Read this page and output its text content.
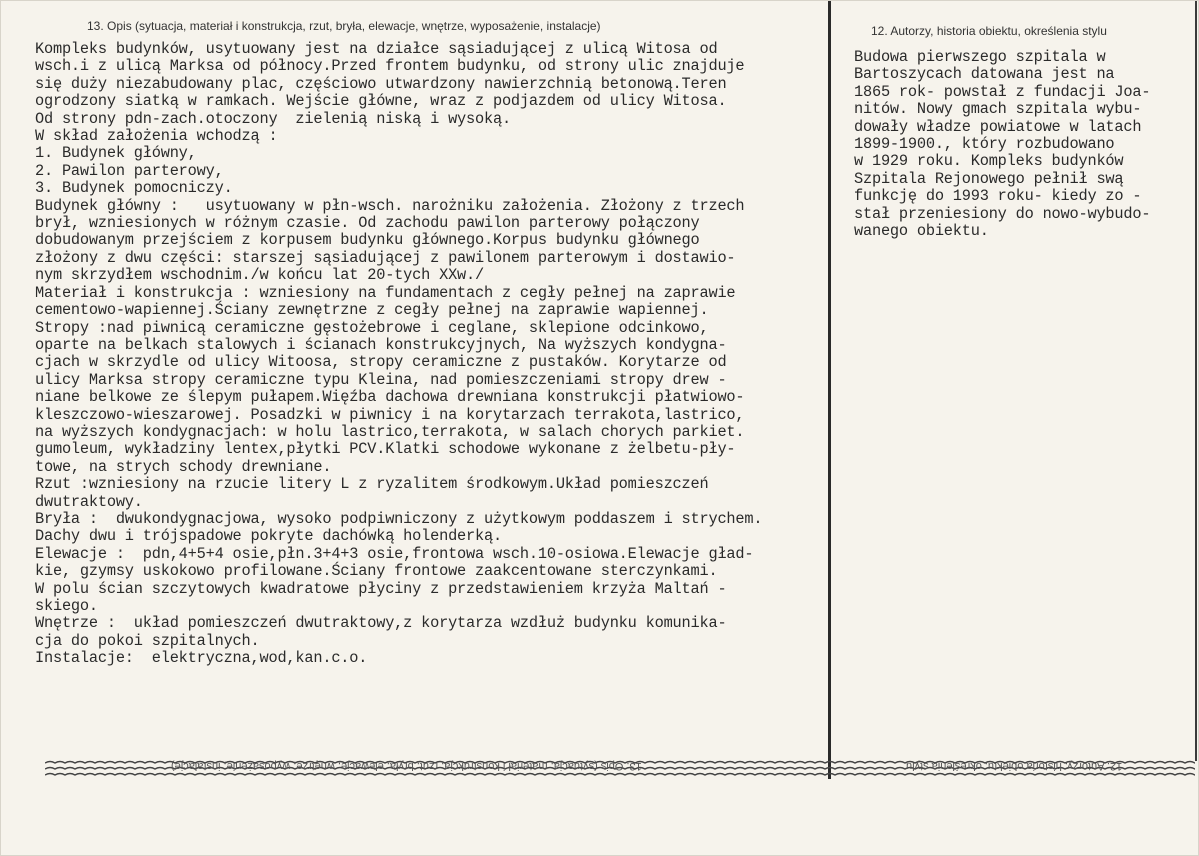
13. Opis (sytuacja, materiał i konstrukcja, rzut, bryła, elewacje, wnętrze, wyposażenie, instalacje)	12. Autorzy, historia obiektu, określenia stylu
Kompleks budynków, usytuowany jest na działce sąsiadującej z ulicą Witosa od
wsch.i z ulicą Marksa od północy.Przed frontem budynku, od strony ulic znajduje
się duży niezabudowany plac, częściowo utwardzony nawierzchnią betonową.Teren
ogrodzony siatką w ramkach. Wejście główne, wraz z podjazdem od ulicy Witosa.
Od strony pdn-zach.otoczony  zielenią niską i wysoką.
W skład założenia wchodzą :
1. Budynek główny,
2. Pawilon parterowy,
3. Budynek pomocniczy.
Budynek główny :   usytuowany w płn-wsch. narożniku założenia. Złożony z trzech
brył, wzniesionych w różnym czasie. Od zachodu pawilon parterowy połączony
dobudowanym przejściem z korpusem budynku głównego.Korpus budynku głównego
złożony z dwu części: starszej sąsiadującej z pawilonem parterowym i dostawio-
nym skrzydłem wschodnim./w końcu lat 20-tych XXw./
Materiał i konstrukcja : wzniesiony na fundamentach z cegły pełnej na zaprawie
cementowo-wapiennej.Ściany zewnętrzne z cegły pełnej na zaprawie wapiennej.
Stropy :nad piwnicą ceramiczne gęstożebrowe i ceglane, sklepione odcinkowo,
oparte na belkach stalowych i ścianach konstrukcyjnych, Na wyższych kondygna-
cjach w skrzydle od ulicy Witoosa, stropy ceramiczne z pustaków. Korytarze od
ulicy Marksa stropy ceramiczne typu Kleina, nad pomieszczeniami stropy drew -
niane belkowe ze ślepym pułapem.Więźba dachowa drewniana konstrukcji płatwiowo-
kleszczowo-wieszarowej. Posadzki w piwnicy i na korytarzach terrakota,lastrico,
na wyższych kondygnacjach: w holu lastrico,terrakota, w salach chorych parkiet.
gumoleum, wykładziny lentex,płytki PCV.Klatki schodowe wykonane z żelbetu-pły-
towe, na strych schody drewniane.
Rzut :wzniesiony na rzucie litery L z ryzalitem środkowym.Układ pomieszczeń
dwutraktowy.
Bryła :  dwukondygnacjowa, wysoko podpiwniczony z użytkowym poddaszem i strychem.
Dachy dwu i trójspadowe pokryte dachówką holenderką.
Elewacje :  pdn,4+5+4 osie,płn.3+4+3 osie,frontowa wsch.10-osiowa.Elewacje gład-
kie, gzymsy uskokowo profilowane.Ściany frontowe zaakcentowane sterczynkami.
W polu ścian szczytowych kwadratowe płyciny z przedstawieniem krzyża Maltań -
skiego.
Wnętrze :  układ pomieszczeń dwutraktowy,z korytarza wzdłuż budynku komunika-
cja do pokoi szpitalnych.
Instalacje:  elektryczna,wod,kan.c.o.
Budowa pierwszego szpitala w
Bartoszycach datowana jest na
1865 rok- powstał z fundacji Joa-
nitów. Nowy gmach szpitala wybu-
dowały władze powiatowe w latach
1899-1900., który rozbudowano
w 1929 roku. Kompleks budynków
Szpitala Rejonowego pełnił swą
funkcję do 1993 roku- kiedy zo -
stał przeniesiony do nowo-wybudo-
wanego obiektu.
13. Opis (sytuacja, materiał i konstrukcja, rzut, bryła, elewacje, wnętrze, wyposażenie, instalacje)	12. Autorzy, historia obiektu, określenia stylu
